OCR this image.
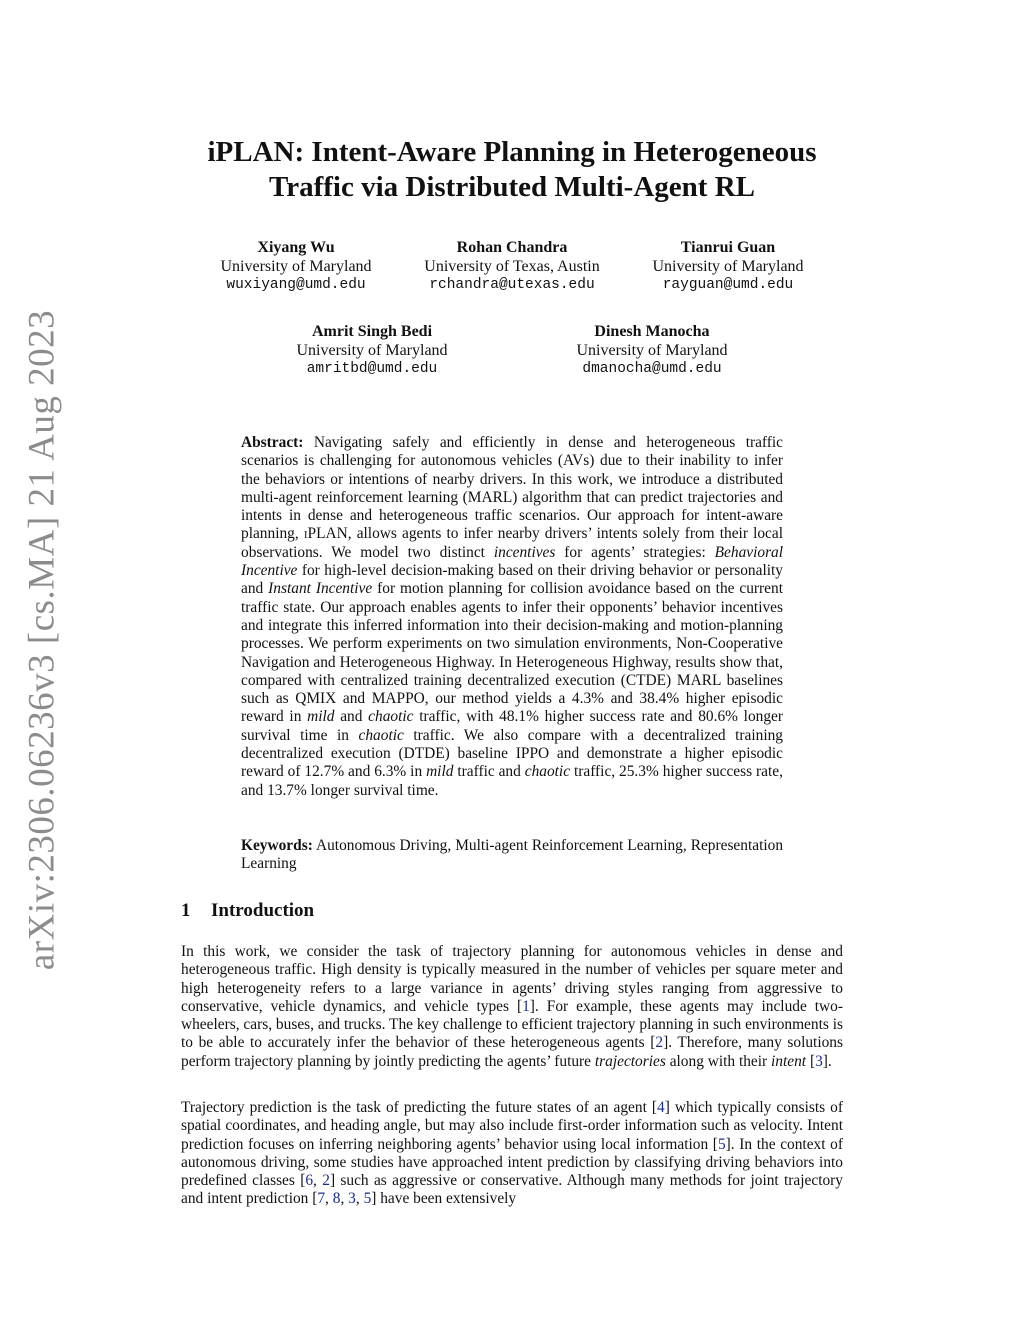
arXiv:2306.06236v3 [cs.MA] 21 Aug 2023
iPLAN: Intent-Aware Planning in Heterogeneous
Traffic via Distributed Multi-Agent RL
Xiyang Wu
University of Maryland
wuxiyang@umd.edu
Rohan Chandra
University of Texas, Austin
rchandra@utexas.edu
Tianrui Guan
University of Maryland
rayguan@umd.edu
Amrit Singh Bedi
University of Maryland
amritbd@umd.edu
Dinesh Manocha
University of Maryland
dmanocha@umd.edu
Abstract: Navigating safely and efficiently in dense and heterogeneous traffic scenarios is challenging for autonomous vehicles (AVs) due to their inability to infer the behaviors or intentions of nearby drivers. In this work, we introduce a distributed multi-agent reinforcement learning (MARL) algorithm that can predict trajectories and intents in dense and heterogeneous traffic scenarios. Our approach for intent-aware planning, iPLAN, allows agents to infer nearby drivers’ intents solely from their local observations. We model two distinct incentives for agents’ strategies: Behavioral Incentive for high-level decision-making based on their driving behavior or personality and Instant Incentive for motion planning for collision avoidance based on the current traffic state. Our approach enables agents to infer their opponents’ behavior incentives and integrate this inferred information into their decision-making and motion-planning processes. We perform experiments on two simulation environments, Non-Cooperative Navigation and Heterogeneous Highway. In Heterogeneous Highway, results show that, compared with centralized training decentralized execution (CTDE) MARL baselines such as QMIX and MAPPO, our method yields a 4.3% and 38.4% higher episodic reward in mild and chaotic traffic, with 48.1% higher success rate and 80.6% longer survival time in chaotic traffic. We also compare with a decentralized training decentralized execution (DTDE) baseline IPPO and demonstrate a higher episodic reward of 12.7% and 6.3% in mild traffic and chaotic traffic, 25.3% higher success rate, and 13.7% longer survival time.
Keywords: Autonomous Driving, Multi-agent Reinforcement Learning, Representation Learning
1 Introduction
In this work, we consider the task of trajectory planning for autonomous vehicles in dense and heterogeneous traffic. High density is typically measured in the number of vehicles per square meter and high heterogeneity refers to a large variance in agents’ driving styles ranging from aggressive to conservative, vehicle dynamics, and vehicle types [1]. For example, these agents may include two-wheelers, cars, buses, and trucks. The key challenge to efficient trajectory planning in such environments is to be able to accurately infer the behavior of these heterogeneous agents [2]. Therefore, many solutions perform trajectory planning by jointly predicting the agents’ future trajectories along with their intent [3].
Trajectory prediction is the task of predicting the future states of an agent [4] which typically consists of spatial coordinates, and heading angle, but may also include first-order information such as velocity. Intent prediction focuses on inferring neighboring agents’ behavior using local information [5]. In the context of autonomous driving, some studies have approached intent prediction by classifying driving behaviors into predefined classes [6, 2] such as aggressive or conservative. Although many methods for joint trajectory and intent prediction [7, 8, 3, 5] have been extensively
